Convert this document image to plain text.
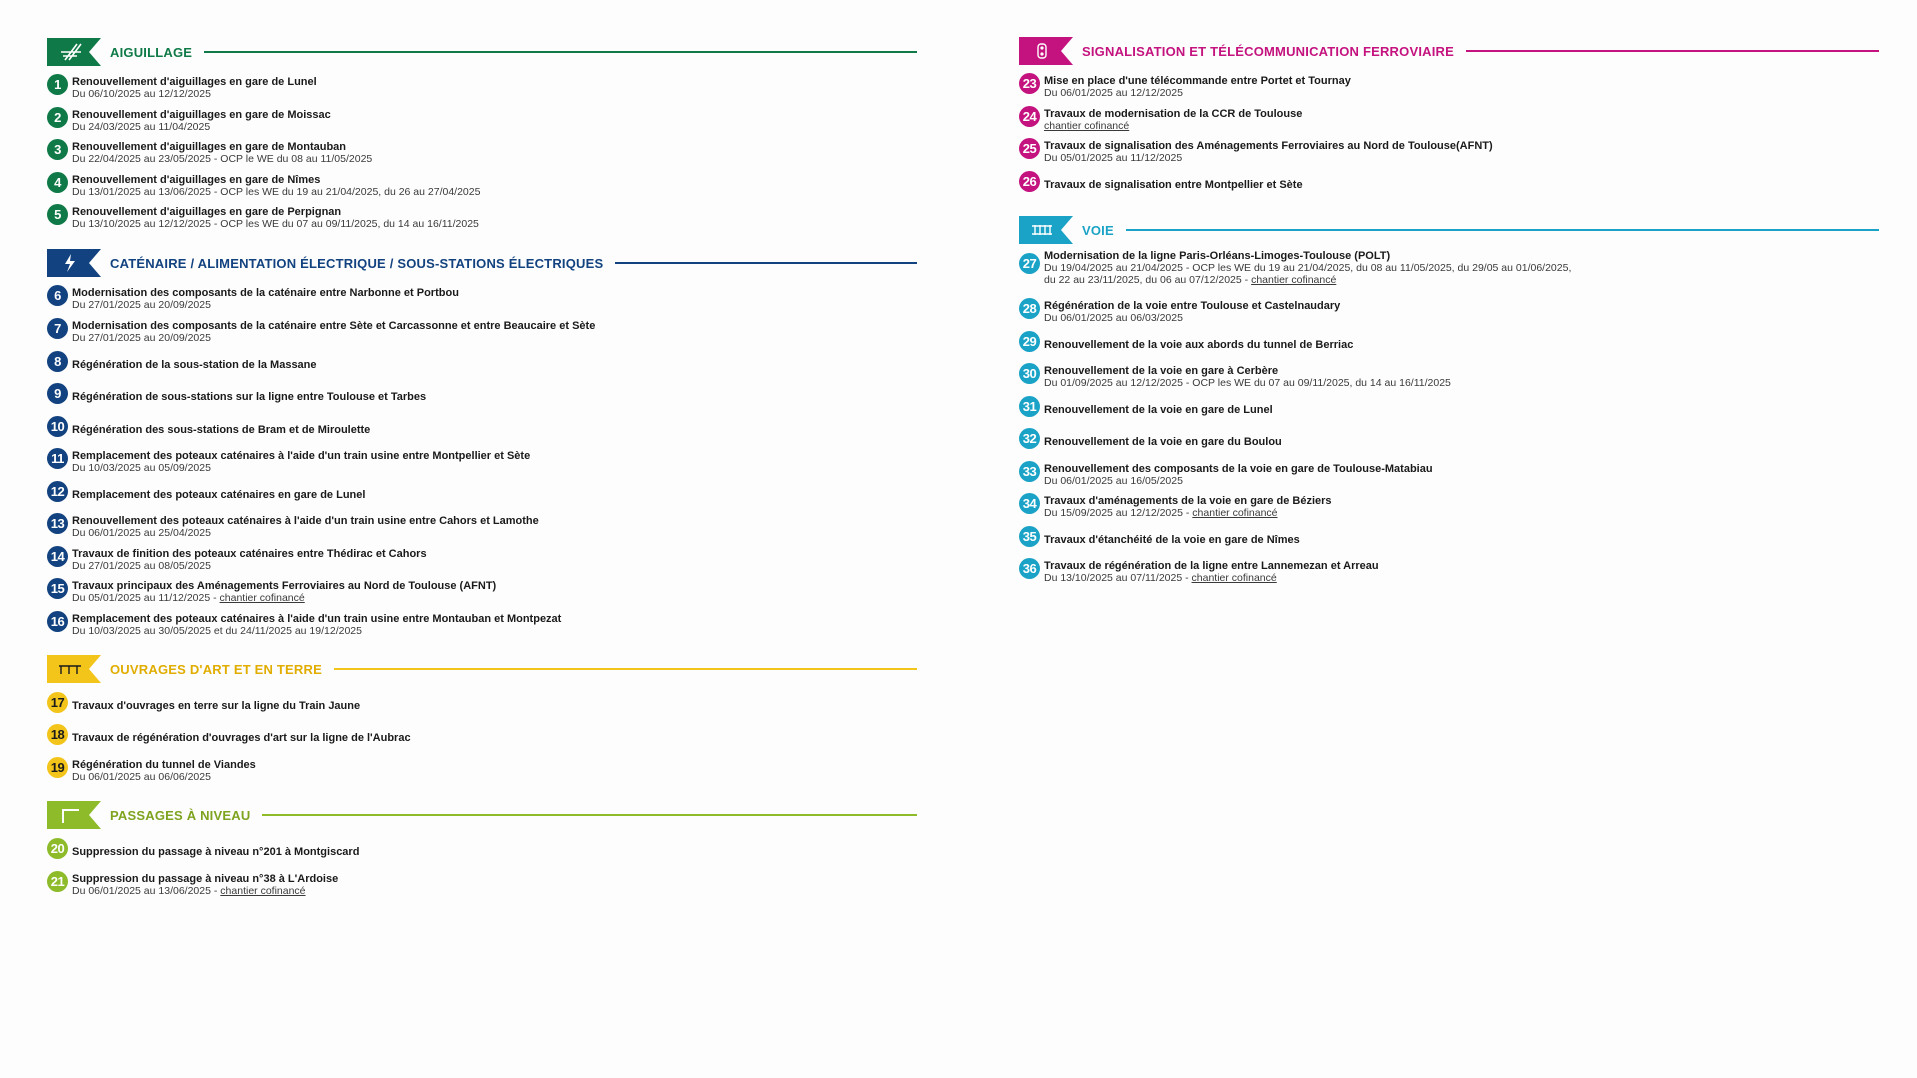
AIGUILLAGE
1	Renouvellement d'aiguillages en gare de Lunel
Du 06/10/2025 au 12/12/2025
2	Renouvellement d'aiguillages en gare de Moissac
Du 24/03/2025 au 11/04/2025
3	Renouvellement d'aiguillages en gare de Montauban
Du 22/04/2025 au 23/05/2025 - OCP le WE du 08 au 11/05/2025
4	Renouvellement d'aiguillages en gare de Nîmes
Du 13/01/2025 au 13/06/2025 - OCP les WE du 19 au 21/04/2025, du 26 au 27/04/2025
5	Renouvellement d'aiguillages en gare de Perpignan
Du 13/10/2025 au 12/12/2025 - OCP les WE du 07 au 09/11/2025, du 14 au 16/11/2025
CATÉNAIRE / ALIMENTATION ÉLECTRIQUE / SOUS-STATIONS ÉLECTRIQUES
6	Modernisation des composants de la caténaire entre Narbonne et Portbou
Du 27/01/2025 au 20/09/2025
7	Modernisation des composants de la caténaire entre Sète et Carcassonne et entre Beaucaire et Sète
Du 27/01/2025 au 20/09/2025
8	Régénération de la sous-station de la Massane
9	Régénération de sous-stations sur la ligne entre Toulouse et Tarbes
10 Régénération des sous-stations de Bram et de Miroulette
11 Remplacement des poteaux caténaires à l'aide d'un train usine entre Montpellier et Sète
Du 10/03/2025 au 05/09/2025
12 Remplacement des poteaux caténaires en gare de Lunel
13 Renouvellement des poteaux caténaires à l'aide d'un train usine entre Cahors et Lamothe
Du 06/01/2025 au 25/04/2025
14 Travaux de finition des poteaux caténaires entre Thédirac et Cahors
Du 27/01/2025 au 08/05/2025
15 Travaux principaux des Aménagements Ferroviaires au Nord de Toulouse (AFNT)
Du 05/01/2025 au 11/12/2025 - chantier cofinancé
16 Remplacement des poteaux caténaires à l'aide d'un train usine entre Montauban et Montpezat
Du 10/03/2025 au 30/05/2025 et du 24/11/2025 au 19/12/2025
OUVRAGES D'ART ET EN TERRE
17 Travaux d'ouvrages en terre sur la ligne du Train Jaune
18 Travaux de régénération d'ouvrages d'art sur la ligne de l'Aubrac
19 Régénération du tunnel de Viandes
Du 06/01/2025 au 06/06/2025
PASSAGES À NIVEAU
20 Suppression du passage à niveau n°201 à Montgiscard
21 Suppression du passage à niveau n°38 à L'Ardoise
Du 06/01/2025 au 13/06/2025 - chantier cofinancé
SIGNALISATION ET TÉLÉCOMMUNICATION FERROVIAIRE
23 Mise en place d'une télécommande entre Portet et Tournay
Du 06/01/2025 au 12/12/2025
24 Travaux de modernisation de la CCR de Toulouse
chantier cofinancé
25 Travaux de signalisation des Aménagements Ferroviaires au Nord de Toulouse(AFNT)
Du 05/01/2025 au 11/12/2025
26 Travaux de signalisation entre Montpellier et Sète
VOIE
27 Modernisation de la ligne Paris-Orléans-Limoges-Toulouse (POLT)
Du 19/04/2025 au 21/04/2025 - OCP les WE du 19 au 21/04/2025, du 08 au 11/05/2025, du 29/05 au 01/06/2025,
du 22 au 23/11/2025, du 06 au 07/12/2025 - chantier cofinancé
28 Régénération de la voie entre Toulouse et Castelnaudary
Du 06/01/2025 au 06/03/2025
29 Renouvellement de la voie aux abords du tunnel de Berriac
30 Renouvellement de la voie en gare à Cerbère
Du 01/09/2025 au 12/12/2025 - OCP les WE du 07 au 09/11/2025, du 14 au 16/11/2025
31 Renouvellement de la voie en gare de Lunel
32 Renouvellement de la voie en gare du Boulou
33 Renouvellement des composants de la voie en gare de Toulouse-Matabiau
Du 06/01/2025 au 16/05/2025
34 Travaux d'aménagements de la voie en gare de Béziers
Du 15/09/2025 au 12/12/2025 - chantier cofinancé
35 Travaux d'étanchéité de la voie en gare de Nîmes
36 Travaux de régénération de la ligne entre Lannemezan et Arreau
Du 13/10/2025 au 07/11/2025 - chantier cofinancé
